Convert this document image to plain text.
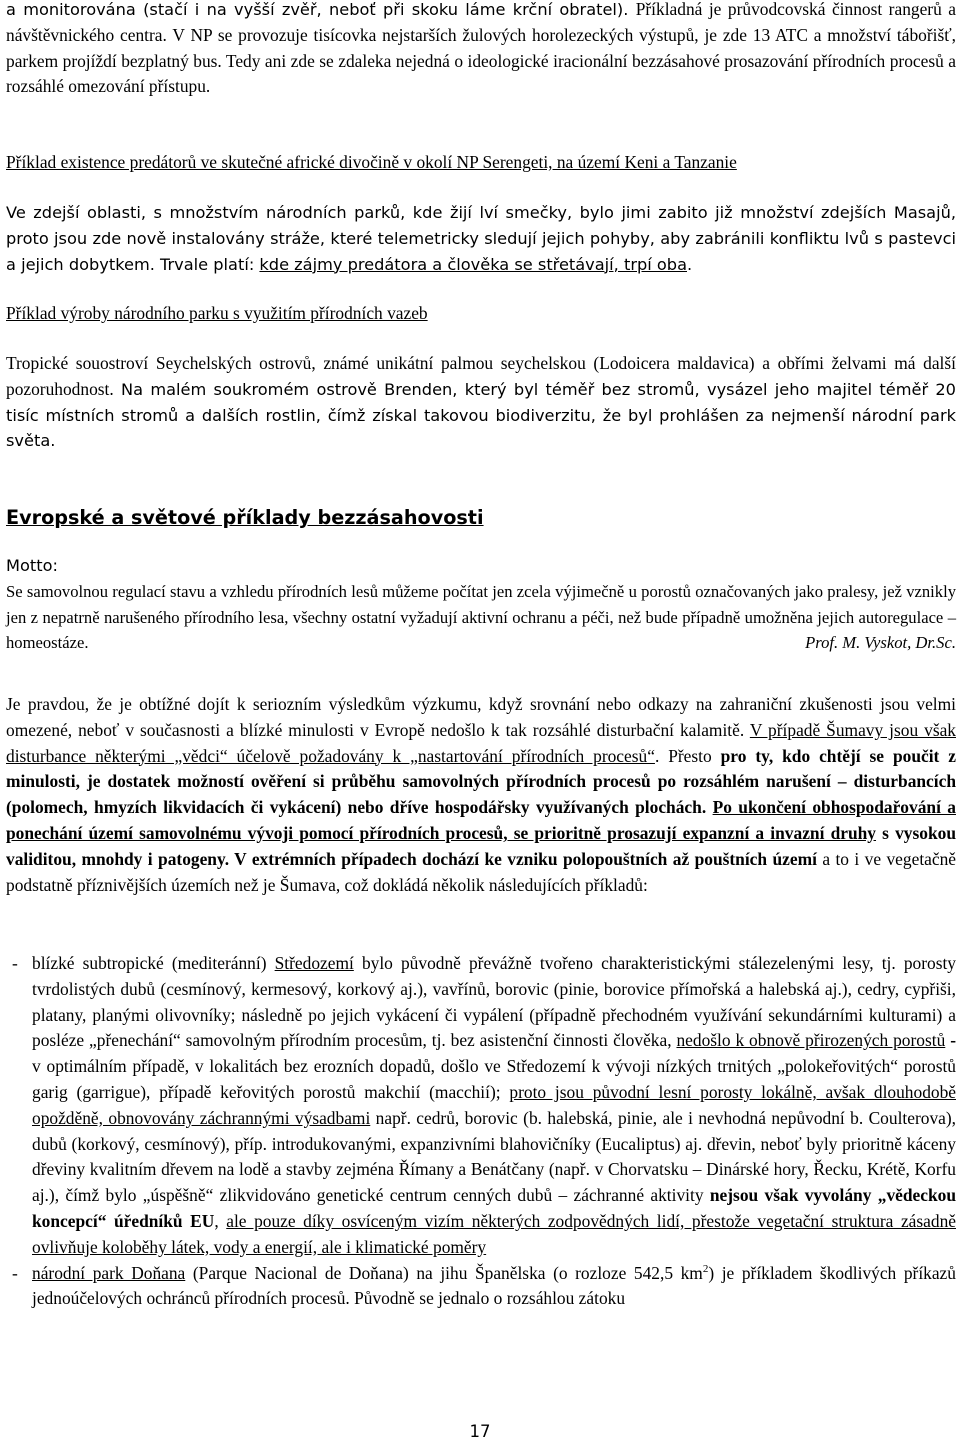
a monitorována (stačí i na vyšší zvěř, neboť při skoku láme krční obratel). Příkladná je průvodcovská činnost rangerů a návštěvnického centra. V NP se provozuje tisícovka nejstarších žulových horolezeckých výstupů, je zde 13 ATC a množství tábořišť, parkem projíždí bezplatný bus. Tedy ani zde se zdaleka nejedná o ideologické iracionální bezzásahové prosazování přírodních procesů a rozsáhlé omezování přístupu.

Příklad existence predátorů ve skutečné africké divočině v okolí NP Serengeti, na území Keni a Tanzanie

Ve zdejší oblasti, s množstvím národních parků, kde žijí lví smečky, bylo jimi zabito již množství zdejších Masajů, proto jsou zde nově instalovány stráže, které telemetricky sledují jejich pohyby, aby zabránili konfliktu lvů s pastevci a jejich dobytkem. Trvale platí: kde zájmy predátora a člověka se střetávají, trpí oba.

Příklad výroby národního parku s využitím přírodních vazeb

Tropické souostroví Seychelských ostrovů, známé unikátní palmou seychelskou (Lodoicera maldavica) a obřími želvami má další pozoruhodnost. Na malém soukromém ostrově Brenden, který byl téměř bez stromů, vysázel jeho majitel téměř 20 tisíc místních stromů a dalších rostlin, čímž získal takovou biodiverzitu, že byl prohlášen za nejmenší národní park světa.

Evropské a světové příklady bezzásahovosti

Motto:

Se samovolnou regulací stavu a vzhledu přírodních lesů můžeme počítat jen zcela výjimečně u porostů označovaných jako pralesy, jež vznikly jen z nepatrně narušeného přírodního lesa, všechny ostatní vyžadují aktivní ochranu a péči, než bude případně umožněna jejich autoregulace – homeostáze.	Prof. M. Vyskot, Dr.Sc.

Je pravdou, že je obtížné dojít k seriozním výsledkům výzkumu, když srovnání nebo odkazy na zahraniční zkušenosti jsou velmi omezené, neboť v současnosti a blízké minulosti v Evropě nedošlo k tak rozsáhlé disturbační kalamitě. V případě Šumavy jsou však disturbance některými „vědci“ účelově požadovány k „nastartování přírodních procesů“. Přesto pro ty, kdo chtějí se poučit z minulosti, je dostatek možností ověření si průběhu samovolných přírodních procesů po rozsáhlém narušení – disturbancích (polomech, hmyzích likvidacích či vykácení) nebo dříve hospodářsky využívaných plochách. Po ukončení obhospodařování a ponechání území samovolnému vývoji pomocí přírodních procesů, se prioritně prosazují expanzní a invazní druhy s vysokou validitou, mnohdy i patogeny. V extrémních případech dochází ke vzniku polopouštních až pouštních území a to i ve vegetačně podstatně příznivějších územích než je Šumava, což dokládá několik následujících příkladů:

- blízké subtropické (mediteránní) Středozemí bylo původně převážně tvořeno charakteristickými stálezelenými lesy, tj. porosty tvrdolistých dubů (cesmínový, kermesový, korkový aj.), vavřínů, borovic (pinie, borovice přímořská a halebská aj.), cedry, cypřiši, platany, planými olivovníky; následně po jejich vykácení či vypálení (případně přechodném využívání sekundárními kulturami) a posléze „přenechání“ samovolným přírodním procesům, tj. bez asistenční činnosti člověka, nedošlo k obnově přirozených porostů - v optimálním případě, v lokalitách bez erozních dopadů, došlo ve Středozemí k vývoji nízkých trnitých „polokeřovitých“ porostů garig (garrigue), případě keřovitých porostů makchií (macchií); proto jsou původní lesní porosty lokálně, avšak dlouhodobě opožděně, obnovovány záchrannými výsadbami např. cedrů, borovic (b. halebská, pinie, ale i nevhodná nepůvodní b. Coulterova), dubů (korkový, cesmínový), příp. introdukovanými, expanzivními blahovičníky (Eucaliptus) aj. dřevin, neboť byly prioritně káceny dřeviny kvalitním dřevem na lodě a stavby zejména Římany a Benátčany (např. v Chorvatsku – Dinárské hory, Řecku, Krétě, Korfu aj.), čímž bylo „úspěšně“ zlikvidováno genetické centrum cenných dubů – záchranné aktivity nejsou však vyvolány „vědeckou koncepcí“ úředníků EU, ale pouze díky osvíceným vizím některých zodpovědných lidí, přestože vegetační struktura zásadně ovlivňuje koloběhy látek, vody a energií, ale i klimatické poměry

- národní park Doňana (Parque Nacional de Doňana) na jihu Španělska (o rozloze 542,5 $km^2$) je příkladem škodlivých příkazů jednoúčelových ochránců přírodních procesů. Původně se jednalo o rozsáhlou zátoku

17
